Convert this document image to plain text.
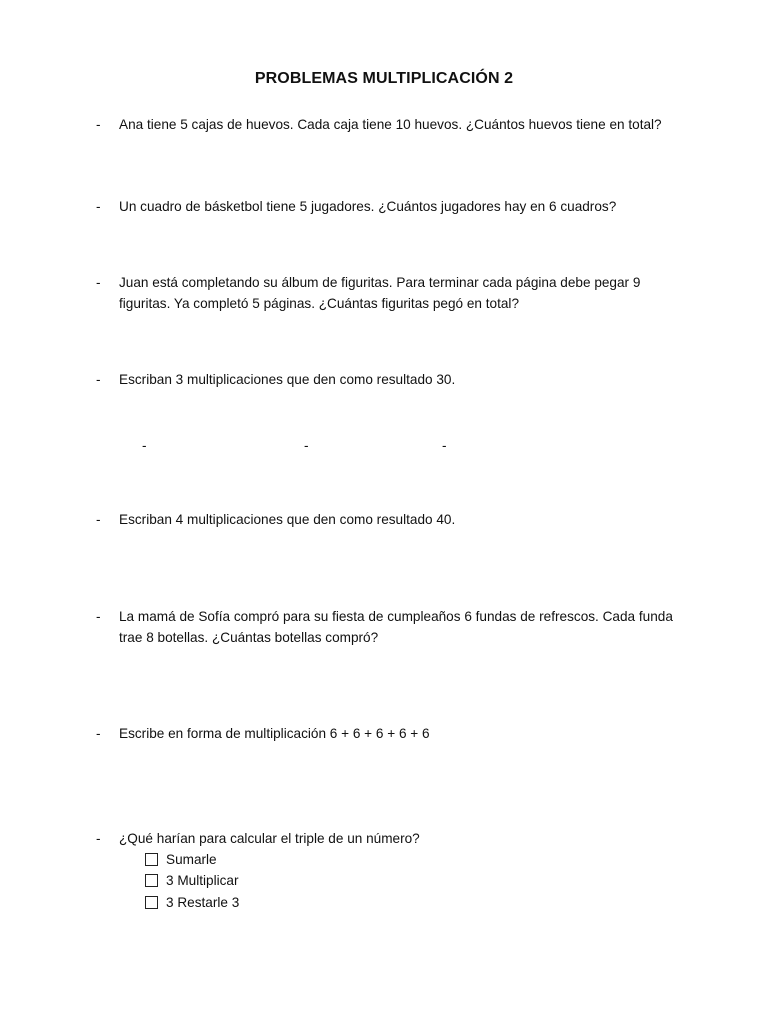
PROBLEMAS MULTIPLICACIÓN 2
- Ana tiene 5 cajas de huevos. Cada caja tiene 10 huevos. ¿Cuántos huevos tiene en total?
- Un cuadro de básketbol tiene 5 jugadores. ¿Cuántos jugadores hay en 6 cuadros?
- Juan está completando su álbum de figuritas. Para terminar cada página debe pegar 9 figuritas. Ya completó 5 páginas. ¿Cuántas figuritas pegó en total?
- Escriban 3 multiplicaciones que den como resultado 30.
-	-	-
- Escriban 4 multiplicaciones que den como resultado 40.
- La mamá de Sofía compró para su fiesta de cumpleaños 6 fundas de refrescos. Cada funda trae 8 botellas. ¿Cuántas botellas compró?
- Escribe en forma de multiplicación 6 + 6 + 6 + 6 + 6
- ¿Qué harían para calcular el triple de un número?
Sumarle
3 Multiplicar
3 Restarle 3
